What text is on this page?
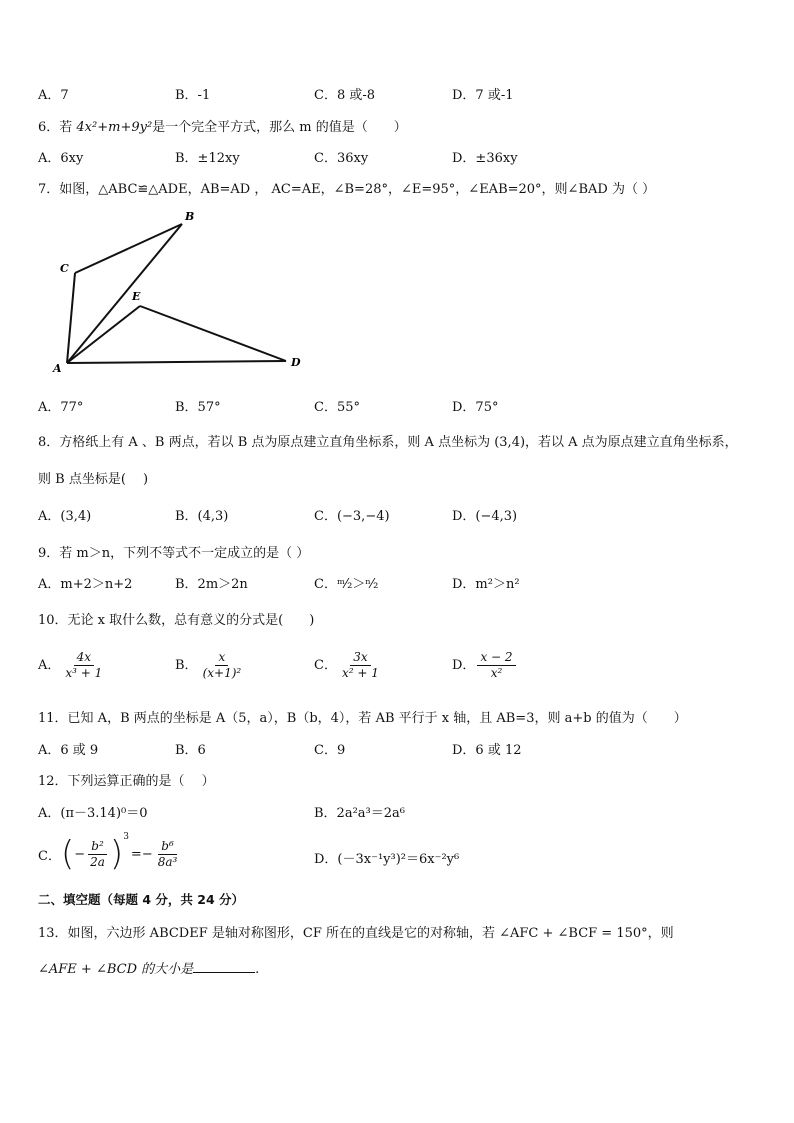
A．7	B．-1	C．8 或-8	D．7 或-1
6．若 4x²+m+9y²是一个完全平方式，那么 m 的值是（　　）
A．6xy	B．±12xy	C．36xy	D．±36xy
7．如图，△ABC≌△ADE，AB=AD ， AC=AE，∠B=28°，∠E=95°，∠EAB=20°，则∠BAD 为（ ）
B
C
E
D
A
A．77°	B．57°	C．55°	D．75°
8．方格纸上有 A 、B 两点，若以 B 点为原点建立直角坐标系，则 A 点坐标为 (3,4)，若以 A 点为原点建立直角坐标系，
则 B 点坐标是(　 )
A．(3,4)	B．(4,3)	C．(−3,−4)	D．(−4,3)
9．若 m＞n，下列不等式不一定成立的是（ ）
A．m+2＞n+2	B．2m＞2n	C．ᵐ⁄₂＞ⁿ⁄₂	D．m²＞n²
10．无论 x 取什么数，总有意义的分式是(　　)
A． $\frac{4x}{\text{x³ + 1}}$	B． $\frac{x}{\text{(x+1)²}}$	C． $\frac{3x}{\text{x² + 1}}$	D． $\frac{x - 2}{\text{x²}}$
11．已知 A，B 两点的坐标是 A（5，a），B（b，4），若 AB 平行于 x 轴，且 AB=3，则 a+b 的值为（　　）
A．6 或 9	B．6	C．9	D．6 或 12
12．下列运算正确的是（　 ）
A．(π－3.14)⁰＝0	B．2a²a³＝2a⁶
C． ( − $\frac{\text{b²}}{2a}$ ) 3
=− $\frac{\text{b⁶}}{\text{8a³}}$	D．(－3x⁻¹y³)²＝6x⁻²y⁶
二、填空题（每题 4 分，共 24 分）
13．如图，六边形 ABCDEF 是轴对称图形，CF 所在的直线是它的对称轴，若 ∠AFC + ∠BCF = 150°，则
∠AFE + ∠BCD 的大小是	.
